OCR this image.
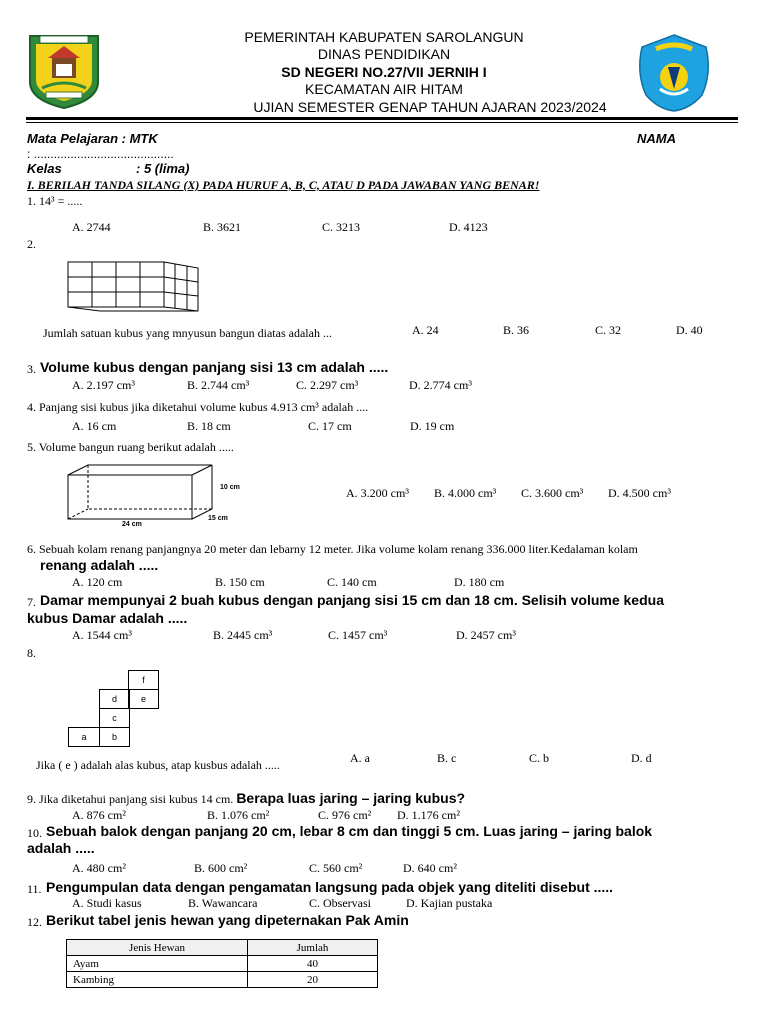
PEMERINTAH KABUPATEN SAROLANGUN
DINAS PENDIDIKAN
SD NEGERI NO.27/VII JERNIH I
KECAMATAN AIR HITAM
UJIAN SEMESTER GENAP TAHUN AJARAN 2023/2024
Mata Pelajaran : MTK	NAMA
: ..........................................
Kelas	: 5 (lima)
I. BERILAH TANDA SILANG (X) PADA HURUF A, B, C, ATAU D PADA JAWABAN YANG BENAR!
1. 14³ = .....
A. 2744	B. 3621	C. 3213	D. 4123
2.
Jumlah satuan kubus yang mnyusun bangun diatas adalah ...	A. 24	B. 36	C. 32	D. 40
3. Volume kubus dengan panjang sisi 13 cm adalah .....
A. 2.197 cm³	B. 2.744 cm³	C. 2.297 cm³	D. 2.774 cm³
4. Panjang sisi kubus jika diketahui volume kubus 4.913 cm³ adalah ....
A. 16 cm	B. 18 cm	C. 17 cm	D. 19 cm
5. Volume bangun ruang berikut adalah .....
10 cm
15 cm
24 cm
A. 3.200 cm³ B. 4.000 cm³ C. 3.600 cm³ D. 4.500 cm³
6. Sebuah kolam renang panjangnya 20 meter dan lebarny 12 meter. Jika volume kolam renang 336.000 liter.Kedalaman kolam
renang adalah .....
A. 120 cm	B. 150 cm	C. 140 cm	D. 180 cm
7. Damar mempunyai 2 buah kubus dengan panjang sisi 15 cm dan 18 cm. Selisih volume kedua
kubus Damar adalah .....
A. 1544 cm³	B. 2445 cm³	C. 1457 cm³	D. 2457 cm³
8.
f
d	e
c
a	b
Jika ( e ) adalah alas kubus, atap kusbus adalah .....	A. a	B. c	C. b	D. d
9. Jika diketahui panjang sisi kubus 14 cm. Berapa luas jaring – jaring kubus?
A. 876 cm²	B. 1.076 cm²	C. 976 cm² D. 1.176 cm²
10. Sebuah balok dengan panjang 20 cm, lebar 8 cm dan tinggi 5 cm. Luas jaring – jaring balok
adalah .....
A. 480 cm²	B. 600 cm²	C. 560 cm²	D. 640 cm²
11. Pengumpulan data dengan pengamatan langsung pada objek yang diteliti disebut .....
A. Studi kasus	B. Wawancara	C. Observasi	D. Kajian pustaka
12. Berikut tabel jenis hewan yang dipeternakan Pak Amin
Jenis Hewan	Jumlah
Ayam	40
Kambing	20
